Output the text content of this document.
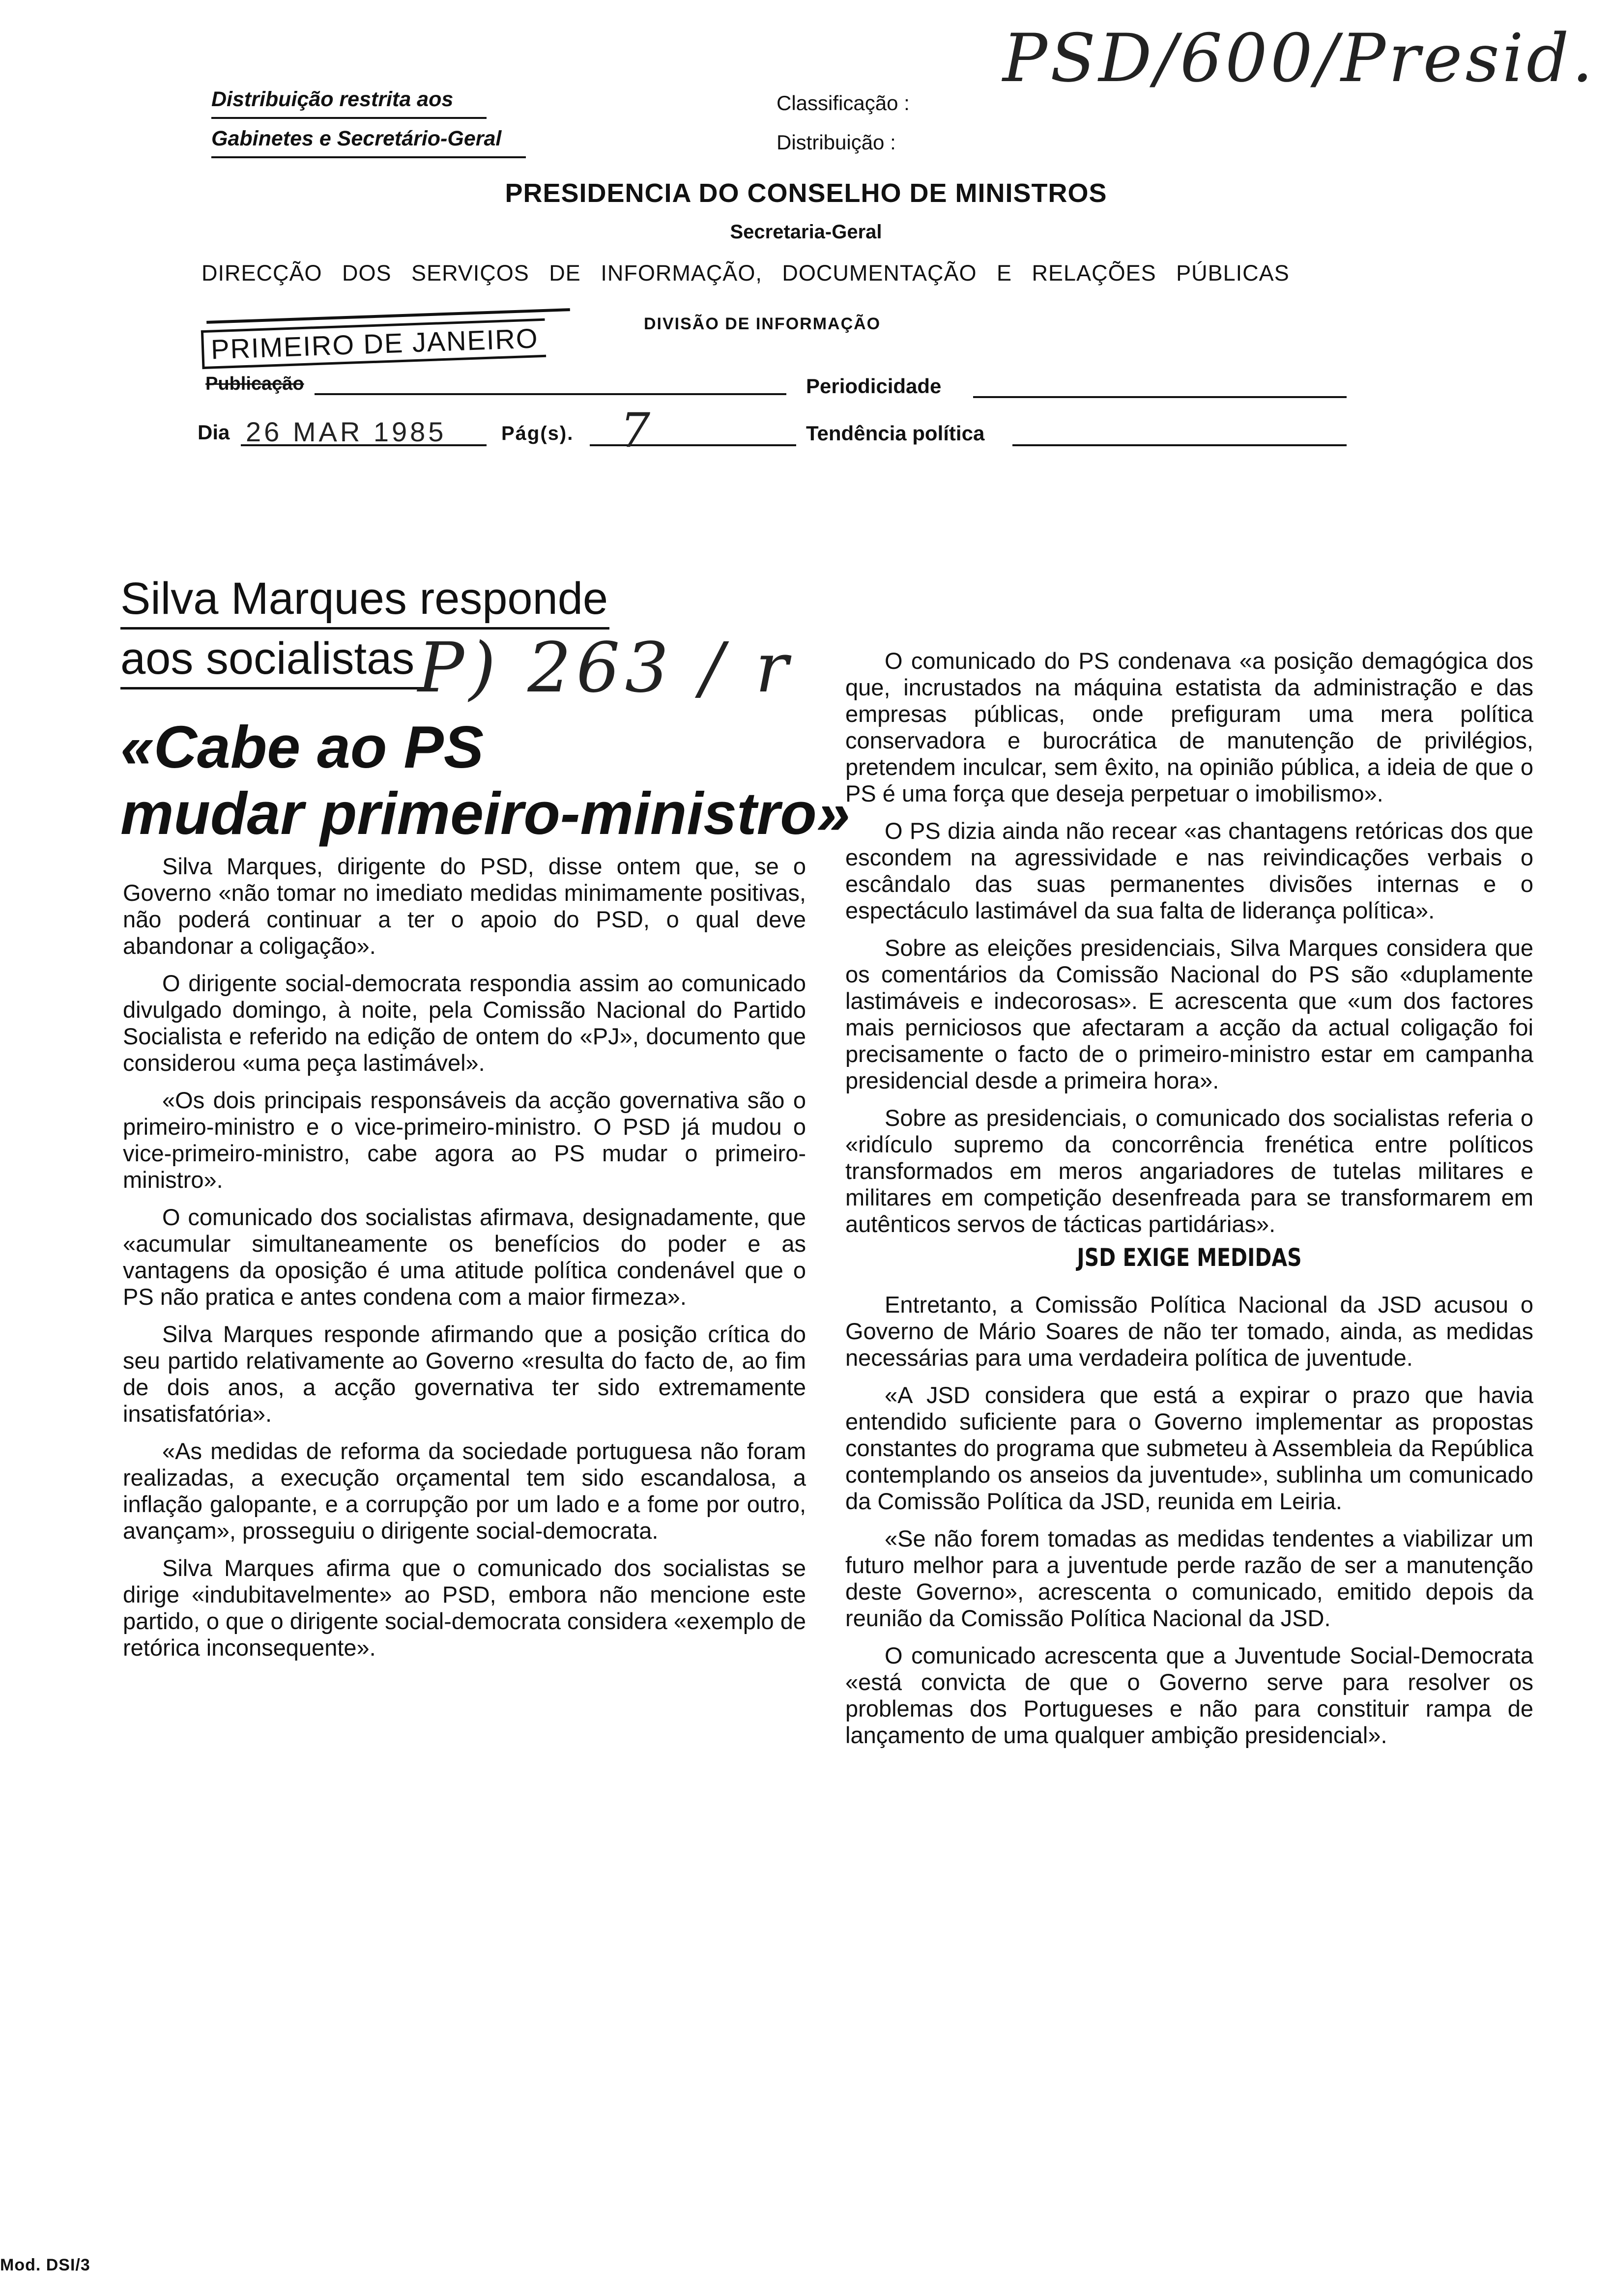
Distribuição restrita aos
Gabinetes e Secretário-Geral
Classificação :
Distribuição :
PSD/600/Presid.
PRESIDENCIA DO CONSELHO DE MINISTROS
Secretaria-Geral
DIRECÇÃO   DOS   SERVIÇOS   DE   INFORMAÇÃO,   DOCUMENTAÇÃO   E   RELAÇÕES   PÚBLICAS
DIVISÃO DE INFORMAÇÃO
PRIMEIRO DE JANEIRO
Publicação	Periodicidade
Dia 26 MAR 1985	Pág(s). 7	Tendência política
Silva Marques responde
aos socialistas P) 263 / r
«Cabe ao PS
mudar primeiro-ministro»

Silva Marques, dirigente do PSD, disse ontem que, se o Governo «não tomar no imediato medidas minimamente positivas, não poderá continuar a ter o apoio do PSD, o qual deve abandonar a coligação».

O dirigente social-democrata respondia assim ao comunicado divulgado domingo, à noite, pela Comissão Nacional do Partido Socialista e referido na edição de ontem do «PJ», documento que considerou «uma peça lastimável».

«Os dois principais responsáveis da acção governativa são o primeiro-ministro e o vice-primeiro-ministro. O PSD já mudou o vice-primeiro-ministro, cabe agora ao PS mudar o primeiro-ministro».

O comunicado dos socialistas afirmava, designadamente, que «acumular simultaneamente os benefícios do poder e as vantagens da oposição é uma atitude política condenável que o PS não pratica e antes condena com a maior firmeza».

Silva Marques responde afirmando que a posição crítica do seu partido relativamente ao Governo «resulta do facto de, ao fim de dois anos, a acção governativa ter sido extremamente insatisfatória».

«As medidas de reforma da sociedade portuguesa não foram realizadas, a execução orçamental tem sido escandalosa, a inflação galopante, e a corrupção por um lado e a fome por outro, avançam», prosseguiu o dirigente social-democrata.

Silva Marques afirma que o comunicado dos socialistas se dirige «indubitavelmente» ao PSD, embora não mencione este partido, o que o dirigente social-democrata considera «exemplo de retórica inconsequente».

O comunicado do PS condenava «a posição demagógica dos que, incrustados na máquina estatista da administração e das empresas públicas, onde prefiguram uma mera política conservadora e burocrática de manutenção de privilégios, pretendem inculcar, sem êxito, na opinião pública, a ideia de que o PS é uma força que deseja perpetuar o imobilismo».

O PS dizia ainda não recear «as chantagens retóricas dos que escondem na agressividade e nas reivindicações verbais o escândalo das suas permanentes divisões internas e o espectáculo lastimável da sua falta de liderança política».

Sobre as eleições presidenciais, Silva Marques considera que os comentários da Comissão Nacional do PS são «duplamente lastimáveis e indecorosas». E acrescenta que «um dos factores mais perniciosos que afectaram a acção da actual coligação foi precisamente o facto de o primeiro-ministro estar em campanha presidencial desde a primeira hora».

Sobre as presidenciais, o comunicado dos socialistas referia o «ridículo supremo da concorrência frenética entre políticos transformados em meros angariadores de tutelas militares e militares em competição desenfreada para se transformarem em autênticos servos de tácticas partidárias».

JSD EXIGE MEDIDAS

Entretanto, a Comissão Política Nacional da JSD acusou o Governo de Mário Soares de não ter tomado, ainda, as medidas necessárias para uma verdadeira política de juventude.

«A JSD considera que está a expirar o prazo que havia entendido suficiente para o Governo implementar as propostas constantes do programa que submeteu à Assembleia da República contemplando os anseios da juventude», sublinha um comunicado da Comissão Política da JSD, reunida em Leiria.

«Se não forem tomadas as medidas tendentes a viabilizar um futuro melhor para a juventude perde razão de ser a manutenção deste Governo», acrescenta o comunicado, emitido depois da reunião da Comissão Política Nacional da JSD.

O comunicado acrescenta que a Juventude Social-Democrata «está convicta de que o Governo serve para resolver os problemas dos Portugueses e não para constituir rampa de lançamento de uma qualquer ambição presidencial».

Mod. DSI/3
